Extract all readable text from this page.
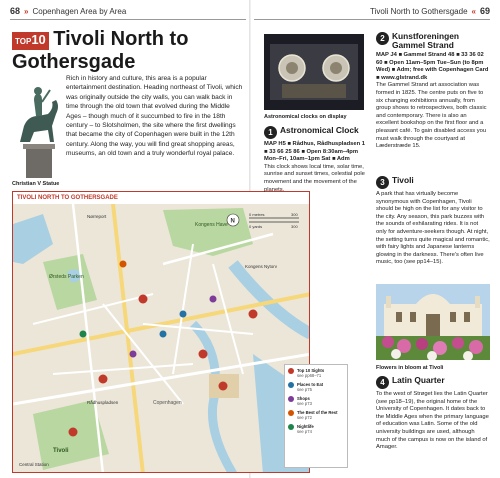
68 » Copenhagen Area by Area	Tivoli North to Gothersgade « 69
TOP10 Tivoli North to Gothersgade
Christian V Statue

Rich in history and culture, this area is a popular entertainment destination. Heading northeast of Tivoli, which was originally outside the city walls, you can walk back in time through the old town that evolved during the Middle Ages – though much of it succumbed to fire in the 18th century – to Slotsholmen, the site where the first dwellings that became the city of Copenhagen were built in the 12th century. Along the way, you will find great shopping areas, museums, an old town and a truly wonderful royal palace.

TIVOLI NORTH TO GOTHERSGADE
Kongens Have
Ørsteds Parken
Tivoli
Rådhuspladsen
Central Station
Nørreport
Kongens Nytorv
Copenhagen
0 metres	300
0 yards	300
N
Top 10 Sights
see pp68–71
Places to Eat
see p75
Shops
see p73
The Best of the Rest
see p72
Nightlife
see p74
Astronomical clocks on display
1 Astronomical Clock

MAP H5 ■ Rådhus, Rådhuspladsen 1 ■ 33 66 25 86 ■ Open 8:30am–4pm Mon–Fri, 10am–1pm Sat ■ Adm

This clock shows local time, solar time, sunrise and sunset times, celestial pole movement and the movement of the planets.

2 Kunstforeningen Gammel Strand

MAP J4 ■ Gammel Strand 48 ■ 33 36 02 60 ■ Open 11am–5pm Tue–Sun (to 8pm Wed) ■ Adm; free with Copenhagen Card ■ www.glstrand.dk

The Gammel Strand art association was formed in 1825. The centre puts on five to six changing exhibitions annually, from group shows to retrospectives, both classic and contemporary. There is also an excellent bookshop on the first floor and a pleasant café. To gain disabled access you must walk through the courtyard at Læderstræde 15.

3 Tivoli

A park that has virtually become synonymous with Copenhagen, Tivoli should be high on the list for any visitor to the city. Any season, this park buzzes with the sounds of exhilarating rides. It is not only for adventure-seekers though. At night, the setting turns quite magical and romantic, with fairy lights and Japanese lanterns glowing in the darkness. There's often live music, too (see pp14–15).

Flowers in bloom at Tivoli
4 Latin Quarter

To the west of Strøget lies the Latin Quarter (see pp18–19), the original home of the University of Copenhagen. It dates back to the Middle Ages when the primary language of education was Latin. Some of the old university buildings are used, although much of the campus is now on the island of Amager.
